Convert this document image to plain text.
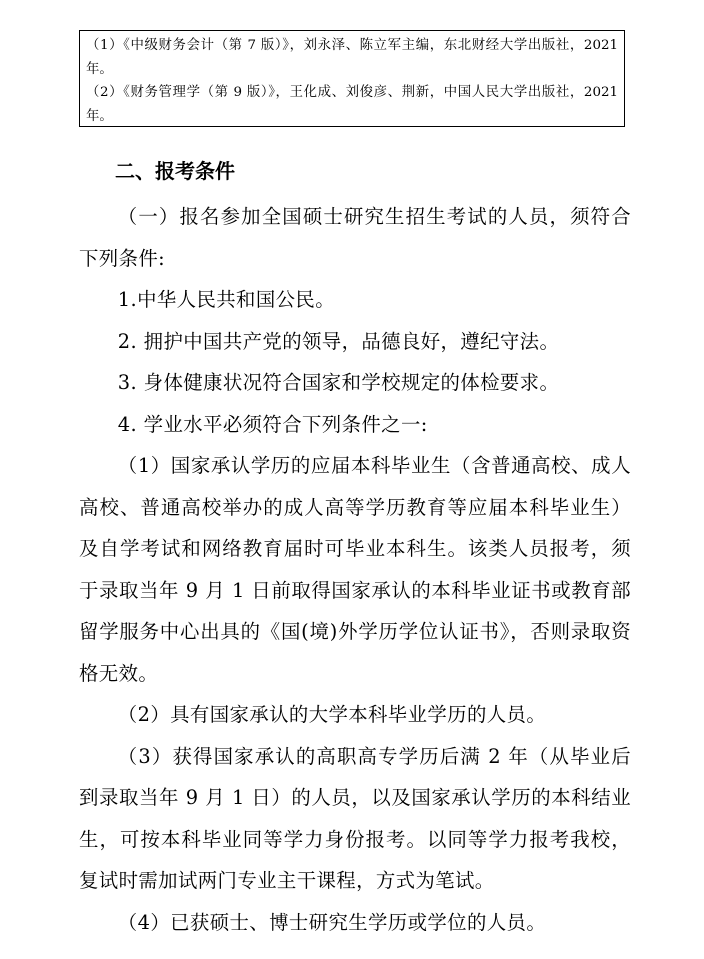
（1）《中级财务会计（第 7 版）》，刘永泽、陈立军主编，东北财经大学出版社，2021 年。

（2）《财务管理学（第 9 版）》，王化成、刘俊彦、荆新，中国人民大学出版社，2021 年。

二、报考条件

（一）报名参加全国硕士研究生招生考试的人员，须符合下列条件:

1.中华人民共和国公民。

2. 拥护中国共产党的领导，品德良好，遵纪守法。

3. 身体健康状况符合国家和学校规定的体检要求。

4. 学业水平必须符合下列条件之一:

（1）国家承认学历的应届本科毕业生（含普通高校、成人高校、普通高校举办的成人高等学历教育等应届本科毕业生）及自学考试和网络教育届时可毕业本科生。该类人员报考，须于录取当年 9 月 1 日前取得国家承认的本科毕业证书或教育部留学服务中心出具的《国(境)外学历学位认证书》，否则录取资格无效。

（2）具有国家承认的大学本科毕业学历的人员。

（3）获得国家承认的高职高专学历后满 2 年（从毕业后到录取当年 9 月 1 日）的人员，以及国家承认学历的本科结业生，可按本科毕业同等学力身份报考。以同等学力报考我校，复试时需加试两门专业主干课程，方式为笔试。

（4）已获硕士、博士研究生学历或学位的人员。
